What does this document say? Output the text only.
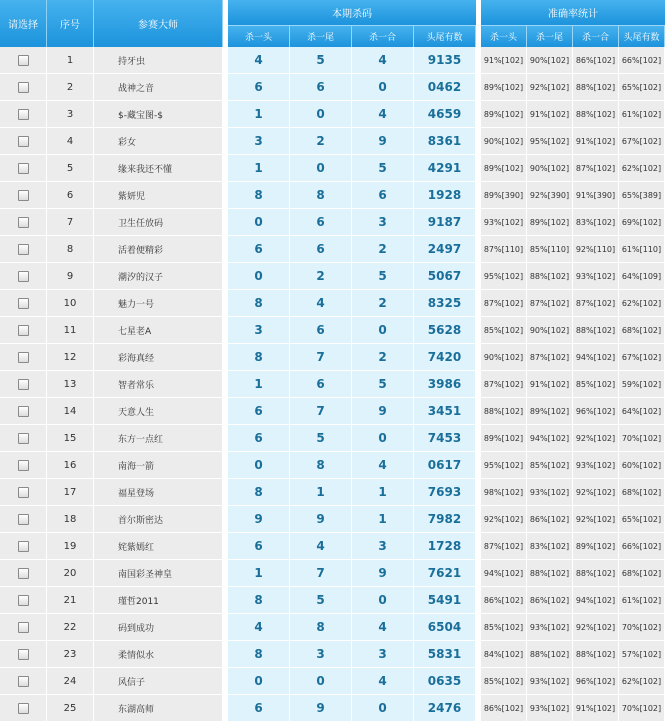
请选择	序号	参赛大师
本期杀码
杀一头	杀一尾	杀一合	头尾有数
准确率统计
杀一头	杀一尾	杀一合	头尾有数
1	持牙虫	4	5	4	9135	91%[102] 90%[102] 86%[102] 66%[102]
2	战神之音	6	6	0	0462	89%[102] 92%[102] 88%[102] 65%[102]
3	$-藏宝图-$	1	0	4	4659	89%[102] 91%[102] 88%[102] 61%[102]
4	彩女	3	2	9	8361	90%[102] 95%[102] 91%[102] 67%[102]
5	缘来我还不懂	1	0	5	4291	89%[102] 90%[102] 87%[102] 62%[102]
6	紫妍児	8	8	6	1928	89%[390] 92%[390] 91%[390] 65%[389]
7	卫生任放码	0	6	3	9187	93%[102] 89%[102] 83%[102] 69%[102]
8	活着便精彩	6	6	2	2497	87%[110] 85%[110] 92%[110] 61%[110]
9	潮汐的汉子	0	2	5	5067	95%[102] 88%[102] 93%[102] 64%[109]
10	魅力一号	8	4	2	8325	87%[102] 87%[102] 87%[102] 62%[102]
11	七星老A	3	6	0	5628	85%[102] 90%[102] 88%[102] 68%[102]
12	彩海真经	8	7	2	7420	90%[102] 87%[102] 94%[102] 67%[102]
13	智者常乐	1	6	5	3986	87%[102] 91%[102] 85%[102] 59%[102]
14	天意人生	6	7	9	3451	88%[102] 89%[102] 96%[102] 64%[102]
15	东方一点红	6	5	0	7453	89%[102] 94%[102] 92%[102] 70%[102]
16	南海一箭	0	8	4	0617	95%[102] 85%[102] 93%[102] 60%[102]
17	福星登场	8	1	1	7693	98%[102] 93%[102] 92%[102] 68%[102]
18	首尔斯密达	9	9	1	7982	92%[102] 86%[102] 92%[102] 65%[102]
19	姹紫嫣红	6	4	3	1728	87%[102] 83%[102] 89%[102] 66%[102]
20	南国彩圣神皇	1	7	9	7621	94%[102] 88%[102] 88%[102] 68%[102]
21	瑾哲2011	8	5	0	5491	86%[102] 86%[102] 94%[102] 61%[102]
22	码到成功	4	8	4	6504	85%[102] 93%[102] 92%[102] 70%[102]
23	柔情似水	8	3	3	5831	84%[102] 88%[102] 88%[102] 57%[102]
24	风信子	0	0	4	0635	85%[102] 93%[102] 96%[102] 62%[102]
25	东湖高师	6	9	0	2476	86%[102] 93%[102] 91%[102] 70%[102]
